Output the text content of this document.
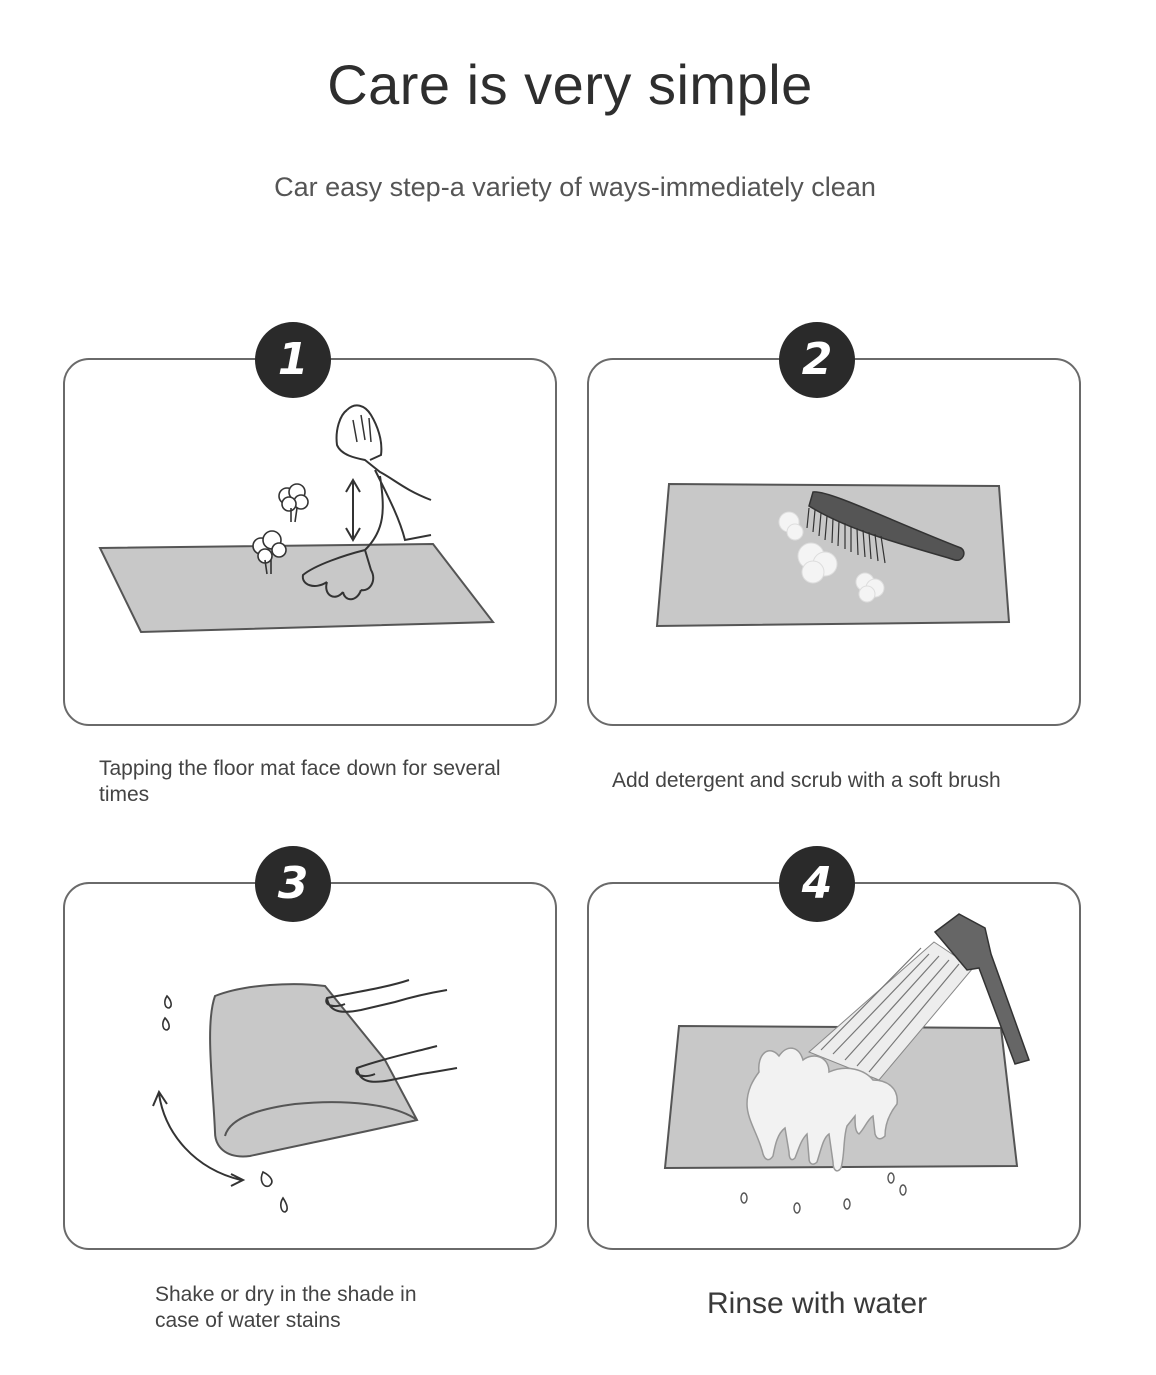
Care is very simple
Car easy step-a variety of ways-immediately clean
1
Tapping the floor mat face down for several times
2
Add detergent and scrub with a soft brush
3
Shake or dry in the shade in case of water stains
4
Rinse with water
